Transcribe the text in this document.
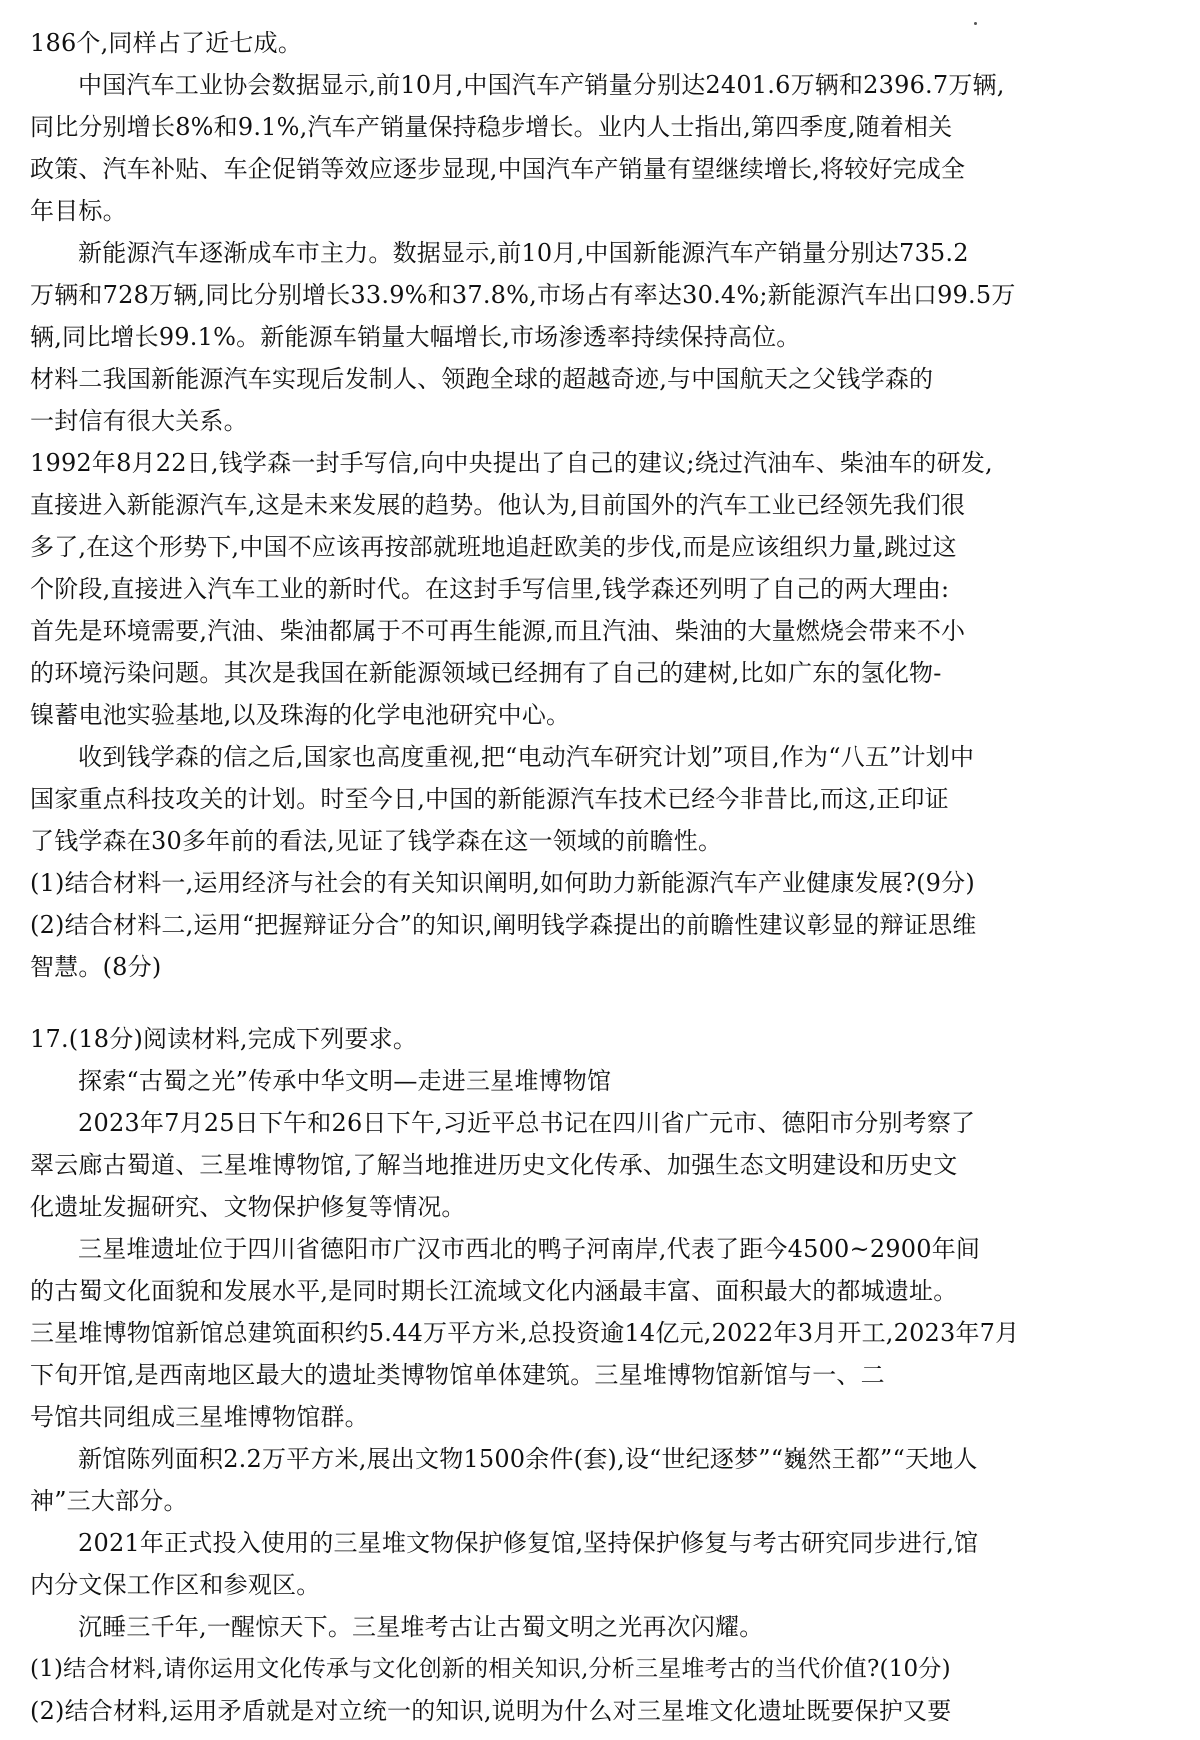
186个,同样占了近七成。
中国汽车工业协会数据显示,前10月,中国汽车产销量分别达2401.6万辆和2396.7万辆,
同比分别增长8%和9.1%,汽车产销量保持稳步增长。业内人士指出,第四季度,随着相关
政策、汽车补贴、车企促销等效应逐步显现,中国汽车产销量有望继续增长,将较好完成全
年目标。
新能源汽车逐渐成车市主力。数据显示,前10月,中国新能源汽车产销量分别达735.2
万辆和728万辆,同比分别增长33.9%和37.8%,市场占有率达30.4%;新能源汽车出口99.5万
辆,同比增长99.1%。新能源车销量大幅增长,市场渗透率持续保持高位。
材料二我国新能源汽车实现后发制人、领跑全球的超越奇迹,与中国航天之父钱学森的
一封信有很大关系。
1992年8月22日,钱学森一封手写信,向中央提出了自己的建议;绕过汽油车、柴油车的研发,
直接进入新能源汽车,这是未来发展的趋势。他认为,目前国外的汽车工业已经领先我们很
多了,在这个形势下,中国不应该再按部就班地追赶欧美的步伐,而是应该组织力量,跳过这
个阶段,直接进入汽车工业的新时代。在这封手写信里,钱学森还列明了自己的两大理由:
首先是环境需要,汽油、柴油都属于不可再生能源,而且汽油、柴油的大量燃烧会带来不小
的环境污染问题。其次是我国在新能源领域已经拥有了自己的建树,比如广东的氢化物-
镍蓄电池实验基地,以及珠海的化学电池研究中心。
收到钱学森的信之后,国家也高度重视,把“电动汽车研究计划”项目,作为“八五”计划中
国家重点科技攻关的计划。时至今日,中国的新能源汽车技术已经今非昔比,而这,正印证
了钱学森在30多年前的看法,见证了钱学森在这一领域的前瞻性。
(1)结合材料一,运用经济与社会的有关知识阐明,如何助力新能源汽车产业健康发展?(9分)
(2)结合材料二,运用“把握辩证分合”的知识,阐明钱学森提出的前瞻性建议彰显的辩证思维
智慧。(8分)
17.(18分)阅读材料,完成下列要求。
探索“古蜀之光”传承中华文明—走进三星堆博物馆
2023年7月25日下午和26日下午,习近平总书记在四川省广元市、德阳市分别考察了
翠云廊古蜀道、三星堆博物馆,了解当地推进历史文化传承、加强生态文明建设和历史文
化遗址发掘研究、文物保护修复等情况。
三星堆遗址位于四川省德阳市广汉市西北的鸭子河南岸,代表了距今4500~2900年间
的古蜀文化面貌和发展水平,是同时期长江流域文化内涵最丰富、面积最大的都城遗址。
三星堆博物馆新馆总建筑面积约5.44万平方米,总投资逾14亿元,2022年3月开工,2023年7月
下旬开馆,是西南地区最大的遗址类博物馆单体建筑。三星堆博物馆新馆与一、二
号馆共同组成三星堆博物馆群。
新馆陈列面积2.2万平方米,展出文物1500余件(套),设“世纪逐梦”“巍然王都”“天地人
神”三大部分。
2021年正式投入使用的三星堆文物保护修复馆,坚持保护修复与考古研究同步进行,馆
内分文保工作区和参观区。
沉睡三千年,一醒惊天下。三星堆考古让古蜀文明之光再次闪耀。
(1)结合材料,请你运用文化传承与文化创新的相关知识,分析三星堆考古的当代价值?(10分)
(2)结合材料,运用矛盾就是对立统一的知识,说明为什么对三星堆文化遗址既要保护又要
